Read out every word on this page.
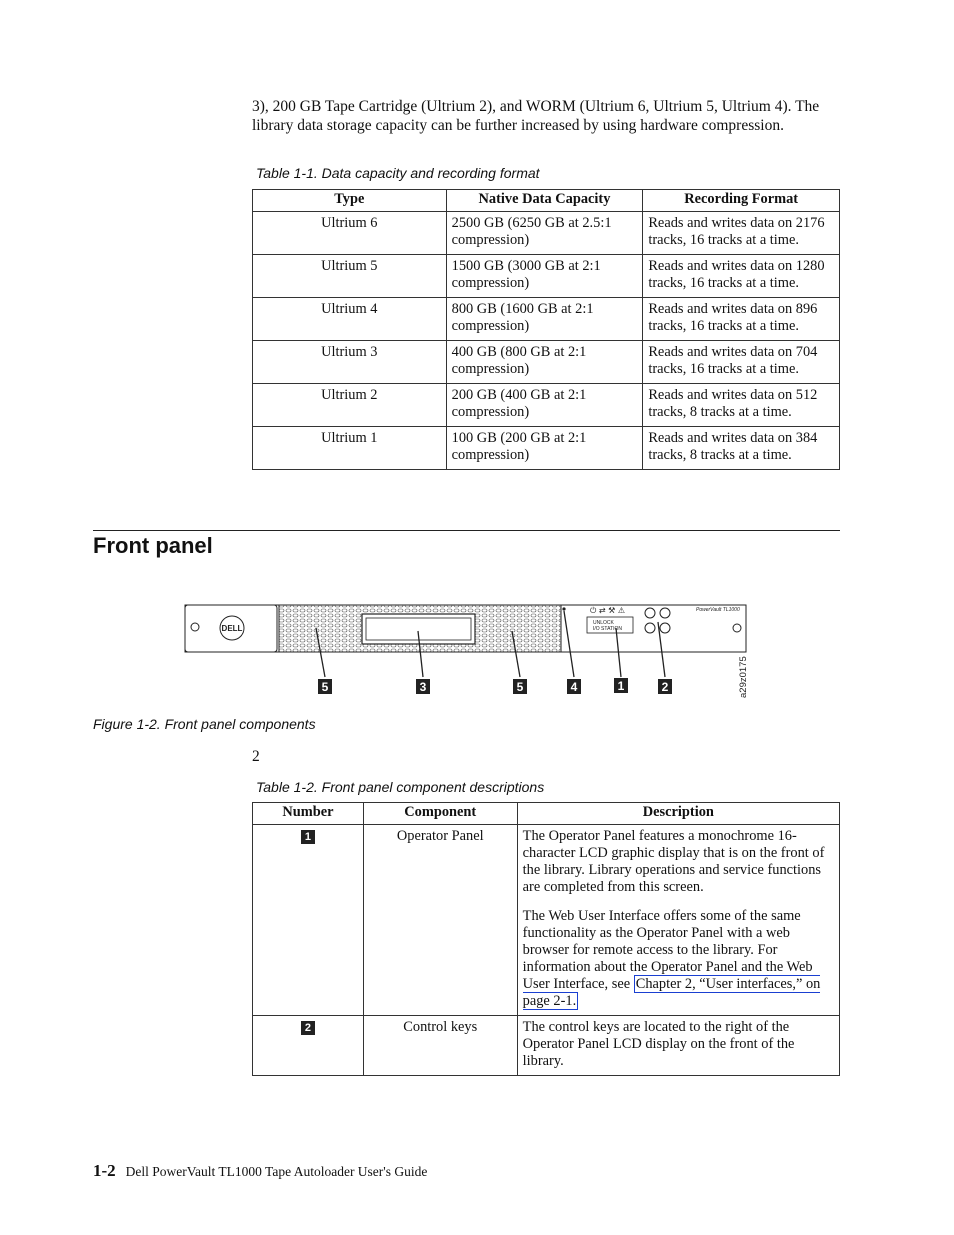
3), 200 GB Tape Cartridge (Ultrium 2), and WORM (Ultrium 6, Ultrium 5, Ultrium 4). The library data storage capacity can be further increased by using hardware compression.
Table 1-1. Data capacity and recording format
Type	Native Data Capacity	Recording Format
Ultrium 6	2500 GB (6250 GB at 2.5:1 compression)	Reads and writes data on 2176 tracks, 16 tracks at a time.
Ultrium 5	1500 GB (3000 GB at 2:1 compression)	Reads and writes data on 1280 tracks, 16 tracks at a time.
Ultrium 4	800 GB (1600 GB at 2:1 compression)	Reads and writes data on 896 tracks, 16 tracks at a time.
Ultrium 3	400 GB (800 GB at 2:1 compression)	Reads and writes data on 704 tracks, 16 tracks at a time.
Ultrium 2	200 GB (400 GB at 2:1 compression)	Reads and writes data on 512 tracks, 8 tracks at a time.
Ultrium 1	100 GB (200 GB at 2:1 compression)	Reads and writes data on 384 tracks, 8 tracks at a time.
Front panel
DELL
⏻ ⇄ ⚒ ⚠
UNLOCK
I/O STATION
PowerVault TL1000
5	3	5	4	1	2	a29z0175
Figure 1-2. Front panel components
2
Table 1-2. Front panel component descriptions
Number	Component	Description
1	Operator Panel	The Operator Panel features a monochrome 16-character LCD graphic display that is on the front of the library. Library operations and service functions are completed from this screen.

The Web User Interface offers some of the same functionality as the Operator Panel with a web browser for remote access to the library. For information about the Operator Panel and the Web User Interface, see Chapter 2, “User interfaces,” on page 2-1.

2	Control keys	The control keys are located to the right of the Operator Panel LCD display on the front of the library.

1-2 Dell PowerVault TL1000 Tape Autoloader User's Guide
